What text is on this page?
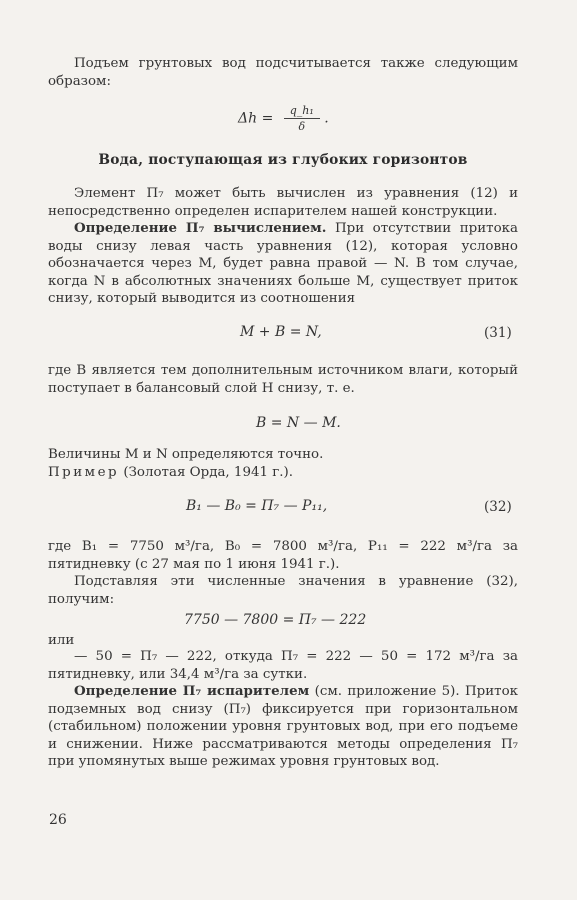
Подъем грунтовых вод подсчитывается также следующим образом:
$\Delta h = \frac{\text{q\_h₁}}{\delta}$ .
Вода, поступающая из глубоких горизонтов
Элемент П₇ может быть вычислен из уравнения (12) и непосредственно определен испарителем нашей конструкции.
Определение П₇ вычислением. При отсутствии притока воды снизу левая часть уравнения (12), которая условно обозначается через M, будет равна правой — N. В том случае, когда N в абсолютных значениях больше M, существует приток снизу, который выводится из соотношения
M + B = N,	(31)
где B является тем дополнительным источником влаги, который поступает в балансовый слой H снизу, т. е.
B = N — M.
Величины M и N определяются точно.
Пример (Золотая Орда, 1941 г.).
B₁ — B₀ = П₇ — P₁₁,	(32)
где B₁ = 7750 м³/га, B₀ = 7800 м³/га, P₁₁ = 222 м³/га за пятидневку (с 27 мая по 1 июня 1941 г.).
Подставляя эти численные значения в уравнение (32), получим:
7750 — 7800 = П₇ — 222
или
— 50 = П₇ — 222, откуда П₇ = 222 — 50 = 172 м³/га за пятидневку, или 34,4 м³/га за сутки.
Определение П₇ испарителем (см. приложение 5). Приток подземных вод снизу (П₇) фиксируется при горизонтальном (стабильном) положении уровня грунтовых вод, при его подъеме и снижении. Ниже рассматриваются методы определения П₇ при упомянутых выше режимах уровня грунтовых вод.
26
